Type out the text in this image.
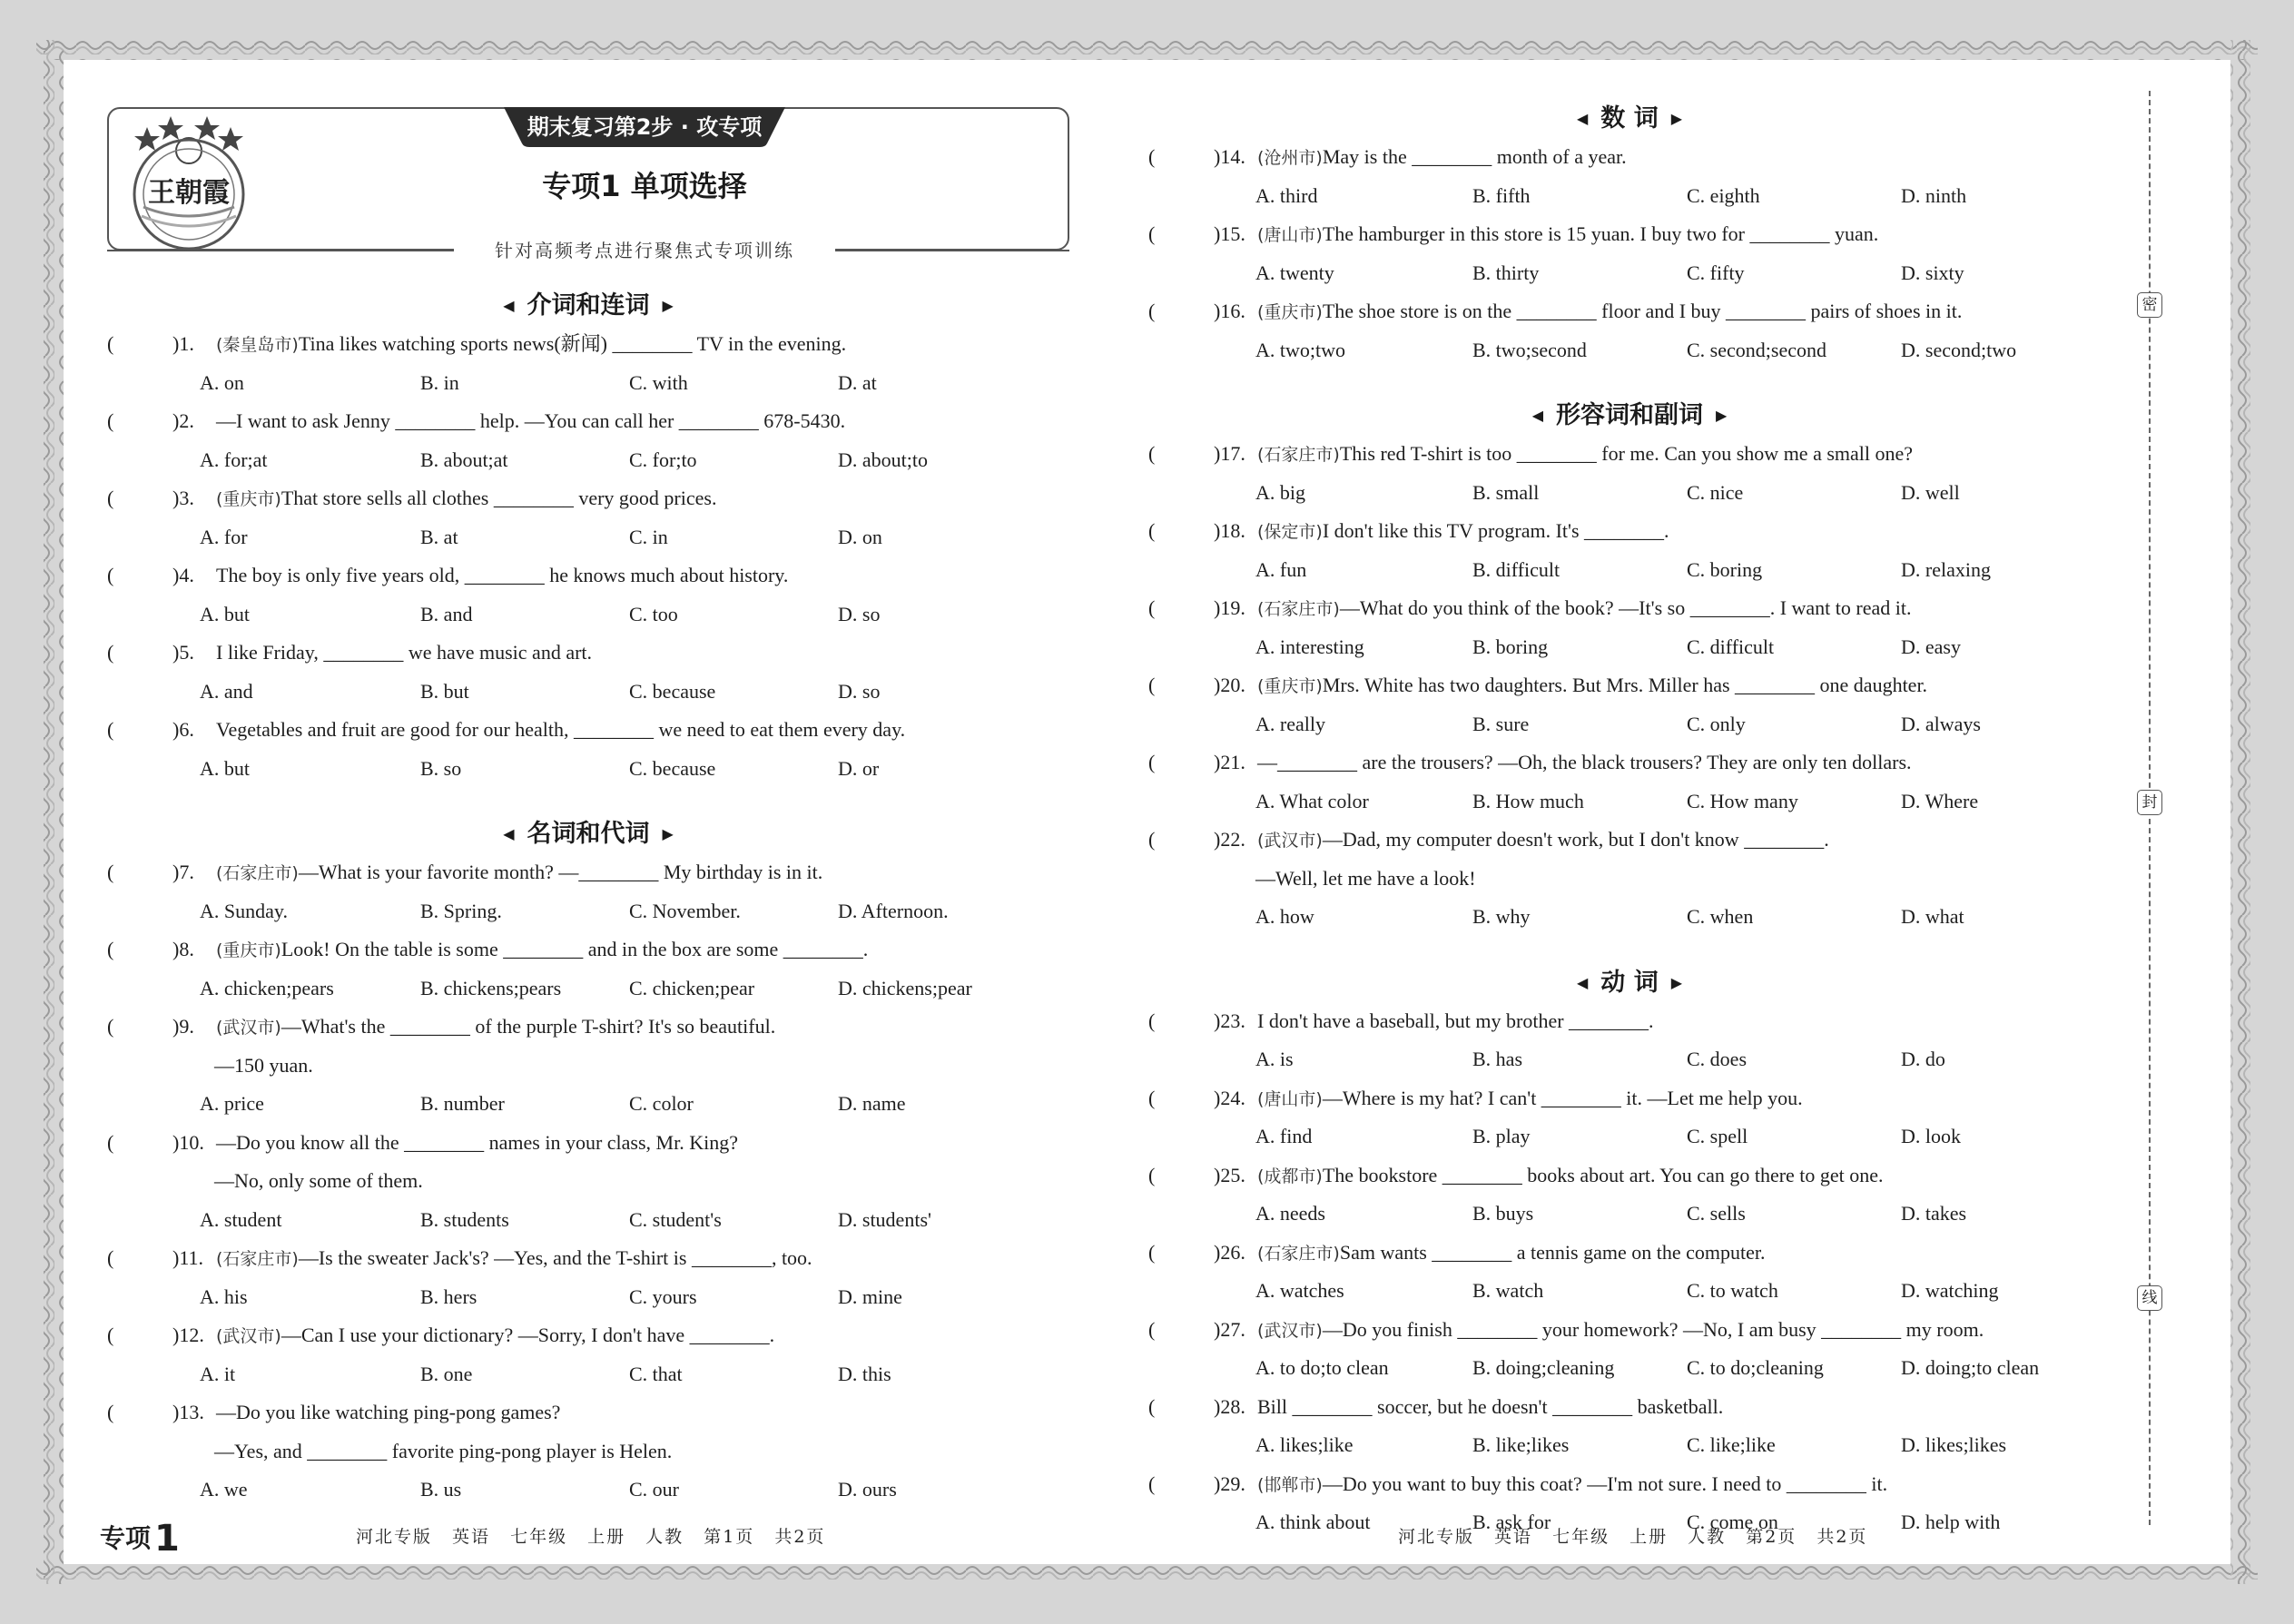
期末复习第2步 · 攻专项
专项1 单项选择
针对高频考点进行聚焦式专项训练
王朝霞
◀ 介词和连词 ▶
(	)1. (秦皇岛市)Tina likes watching sports news(新闻) ________ TV in the evening.
A. on	B. in	C. with	D. at
(	)2. —I want to ask Jenny ________ help. —You can call her ________ 678-5430.
A. for;at	B. about;at	C. for;to	D. about;to
(	)3. (重庆市)That store sells all clothes ________ very good prices.
A. for	B. at	C. in	D. on
(	)4. The boy is only five years old, ________ he knows much about history.
A. but	B. and	C. too	D. so
(	)5. I like Friday, ________ we have music and art.
A. and	B. but	C. because	D. so
(	)6. Vegetables and fruit are good for our health, ________ we need to eat them every day.
A. but	B. so	C. because	D. or
◀ 名词和代词 ▶
(	)7. (石家庄市)—What is your favorite month? —________ My birthday is in it.
A. Sunday.	B. Spring.	C. November.	D. Afternoon.
(	)8. (重庆市)Look! On the table is some ________ and in the box are some ________.
A. chicken;pears	B. chickens;pears	C. chicken;pear	D. chickens;pear
(	)9. (武汉市)—What's the ________ of the purple T-shirt? It's so beautiful.
—150 yuan.
A. price	B. number	C. color	D. name
(	)10. —Do you know all the ________ names in your class, Mr. King?
—No, only some of them.
A. student	B. students	C. student's	D. students'
(	)11. (石家庄市)—Is the sweater Jack's? —Yes, and the T-shirt is ________, too.
A. his	B. hers	C. yours	D. mine
(	)12. (武汉市)—Can I use your dictionary? —Sorry, I don't have ________.
A. it	B. one	C. that	D. this
(	)13. —Do you like watching ping-pong games?
—Yes, and ________ favorite ping-pong player is Helen.
A. we	B. us	C. our	D. ours
◀ 数 词 ▶
(	)14. (沧州市)May is the ________ month of a year.
A. third	B. fifth	C. eighth	D. ninth
(	)15. (唐山市)The hamburger in this store is 15 yuan. I buy two for ________ yuan.
A. twenty	B. thirty	C. fifty	D. sixty
(	)16. (重庆市)The shoe store is on the ________ floor and I buy ________ pairs of shoes in it.
A. two;two	B. two;second	C. second;second	D. second;two
◀ 形容词和副词 ▶
(	)17. (石家庄市)This red T-shirt is too ________ for me. Can you show me a small one?
A. big	B. small	C. nice	D. well
(	)18. (保定市)I don't like this TV program. It's ________.
A. fun	B. difficult	C. boring	D. relaxing
(	)19. (石家庄市)—What do you think of the book? —It's so ________. I want to read it.
A. interesting	B. boring	C. difficult	D. easy
(	)20. (重庆市)Mrs. White has two daughters. But Mrs. Miller has ________ one daughter.
A. really	B. sure	C. only	D. always
(	)21. —________ are the trousers? —Oh, the black trousers? They are only ten dollars.
A. What color	B. How much	C. How many	D. Where
(	)22. (武汉市)—Dad, my computer doesn't work, but I don't know ________.
—Well, let me have a look!
A. how	B. why	C. when	D. what
◀ 动 词 ▶
(	)23. I don't have a baseball, but my brother ________.
A. is	B. has	C. does	D. do
(	)24. (唐山市)—Where is my hat? I can't ________ it. —Let me help you.
A. find	B. play	C. spell	D. look
(	)25. (成都市)The bookstore ________ books about art. You can go there to get one.
A. needs	B. buys	C. sells	D. takes
(	)26. (石家庄市)Sam wants ________ a tennis game on the computer.
A. watches	B. watch	C. to watch	D. watching
(	)27. (武汉市)—Do you finish ________ your homework? —No, I am busy ________ my room.
A. to do;to clean	B. doing;cleaning	C. to do;cleaning	D. doing;to clean
(	)28. Bill ________ soccer, but he doesn't ________ basketball.
A. likes;like	B. like;likes	C. like;like	D. likes;likes
(	)29. (邯郸市)—Do you want to buy this coat? —I'm not sure. I need to ________ it.
A. think about	B. ask for	C. come on	D. help with
专项 1	河北专版 英语 七年级 上册 人教 第1页 共2页	河北专版 英语 七年级 上册 人教 第2页 共2页
密
封
线
